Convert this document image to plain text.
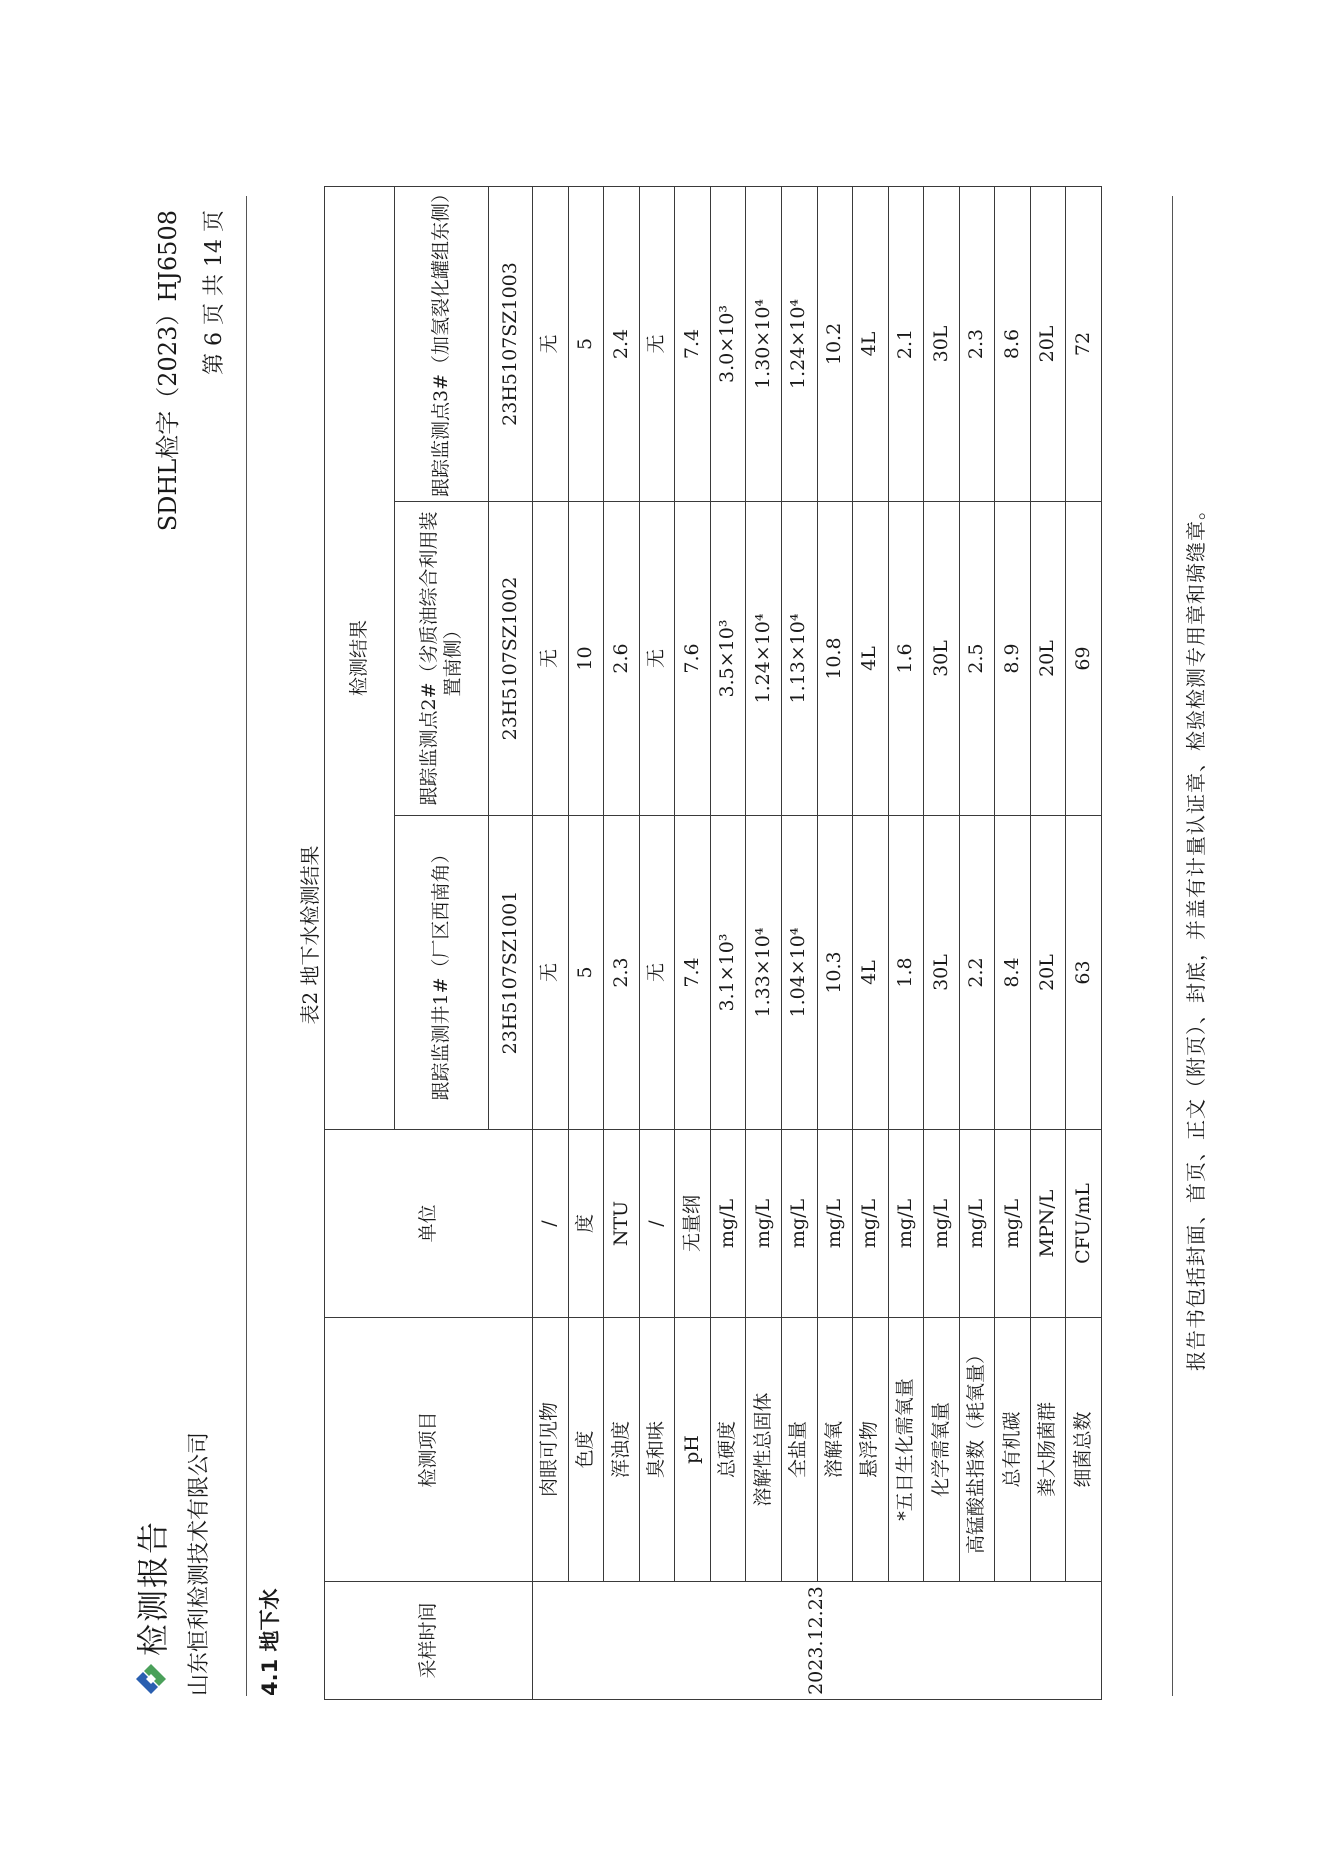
检测报告 山东恒利检测技术有限公司
SDHL检字（2023）HJ6508 第 6 页 共 14 页
4.1 地下水
表2 地下水检测结果
采样时间	检测项目	单位	检测结果		
			跟踪监测井1#（厂区西南角）	跟踪监测点2#（劣质油综合利用装置南侧）	跟踪监测点3#（加氢裂化罐组东侧）
			23H5107SZ1001	23H5107SZ1002	23H5107SZ1003
2023.12.23	肉眼可见物	/	无	无	无
	色度	度	5	10	5
	浑浊度	NTU	2.3	2.6	2.4
	臭和味	/	无	无	无
	pH	无量纲	7.4	7.6	7.4
	总硬度	mg/L	3.1×10³	3.5×10³	3.0×10³
	溶解性总固体	mg/L	1.33×10⁴	1.24×10⁴	1.30×10⁴
	全盐量	mg/L	1.04×10⁴	1.13×10⁴	1.24×10⁴
	溶解氧	mg/L	10.3	10.8	10.2
	悬浮物	mg/L	4L	4L	4L
	*五日生化需氧量	mg/L	1.8	1.6	2.1
	化学需氧量	mg/L	30L	30L	30L
	高锰酸盐指数（耗氧量）	mg/L	2.2	2.5	2.3
	总有机碳	mg/L	8.4	8.9	8.6
	粪大肠菌群	MPN/L	20L	20L	20L
	细菌总数	CFU/mL	63	69	72
报告书包括封面、首页、正文（附页）、封底，并盖有计量认证章、检验检测专用章和骑缝章。
